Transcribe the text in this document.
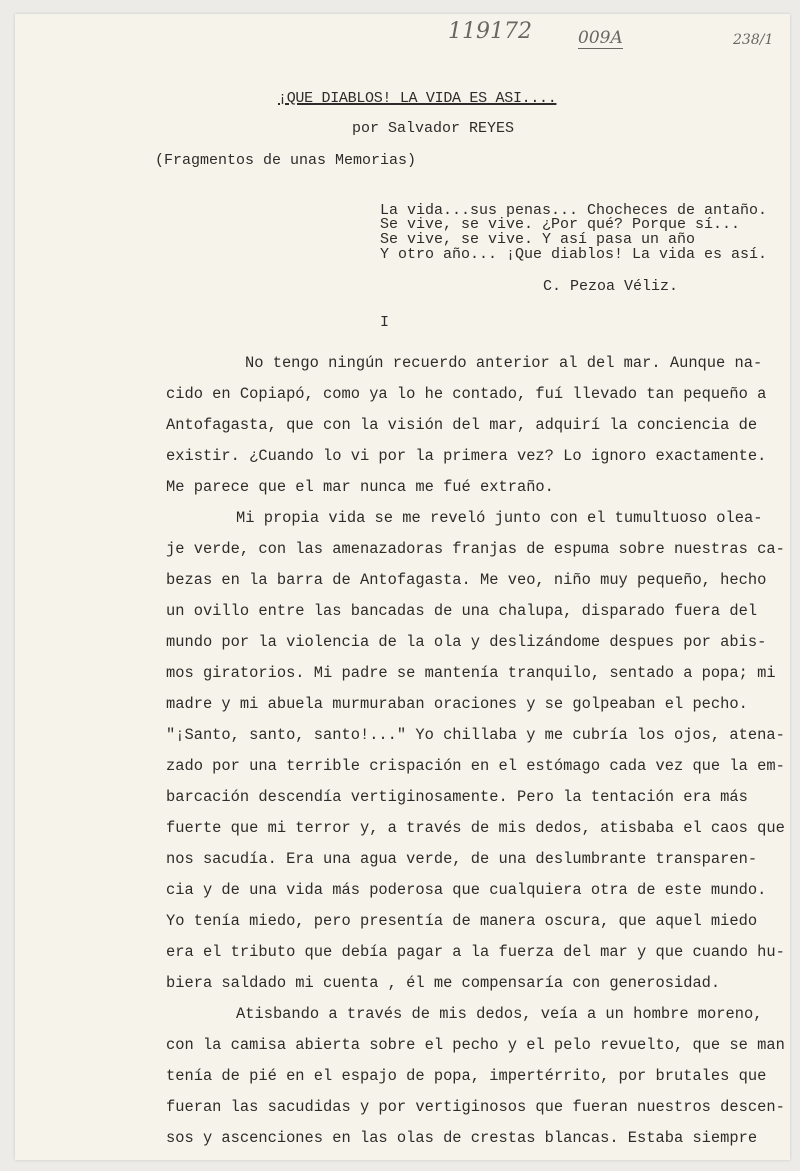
119172	009A	238/1
¡QUE DIABLOS! LA VIDA ES ASI....
por Salvador REYES
(Fragmentos de unas Memorias)
La vida...sus penas... Chocheces de antaño.
Se vive, se vive. ¿Por qué? Porque sí...
Se vive, se vive. Y así pasa un año
Y otro año... ¡Que diablos! La vida es así.
C. Pezoa Véliz.
I
No tengo ningún recuerdo anterior al del mar. Aunque na-
cido en Copiapó, como ya lo he contado, fuí llevado tan pequeño a
Antofagasta, que con la visión del mar, adquirí la conciencia de
existir. ¿Cuando lo vi por la primera vez? Lo ignoro exactamente.
Me parece que el mar nunca me fué extraño.
Mi propia vida se me reveló junto con el tumultuoso olea-
je verde, con las amenazadoras franjas de espuma sobre nuestras ca-
bezas en la barra de Antofagasta. Me veo, niño muy pequeño, hecho
un ovillo entre las bancadas de una chalupa, disparado fuera del
mundo por la violencia de la ola y deslizándome despues por abis-
mos giratorios. Mi padre se mantenía tranquilo, sentado a popa; mi
madre y mi abuela murmuraban oraciones y se golpeaban el pecho.
"¡Santo, santo, santo!..." Yo chillaba y me cubría los ojos, atena-
zado por una terrible crispación en el estómago cada vez que la em-
barcación descendía vertiginosamente. Pero la tentación era más
fuerte que mi terror y, a través de mis dedos, atisbaba el caos que
nos sacudía. Era una agua verde, de una deslumbrante transparen-
cia y de una vida más poderosa que cualquiera otra de este mundo.
Yo tenía miedo, pero presentía de manera oscura, que aquel miedo
era el tributo que debía pagar a la fuerza del mar y que cuando hu-
biera saldado mi cuenta , él me compensaría con generosidad.
Atisbando a través de mis dedos, veía a un hombre moreno,
con la camisa abierta sobre el pecho y el pelo revuelto, que se man
tenía de pié en el espajo de popa, impertérrito, por brutales que
fueran las sacudidas y por vertiginosos que fueran nuestros descen-
sos y ascenciones en las olas de crestas blancas. Estaba siempre
